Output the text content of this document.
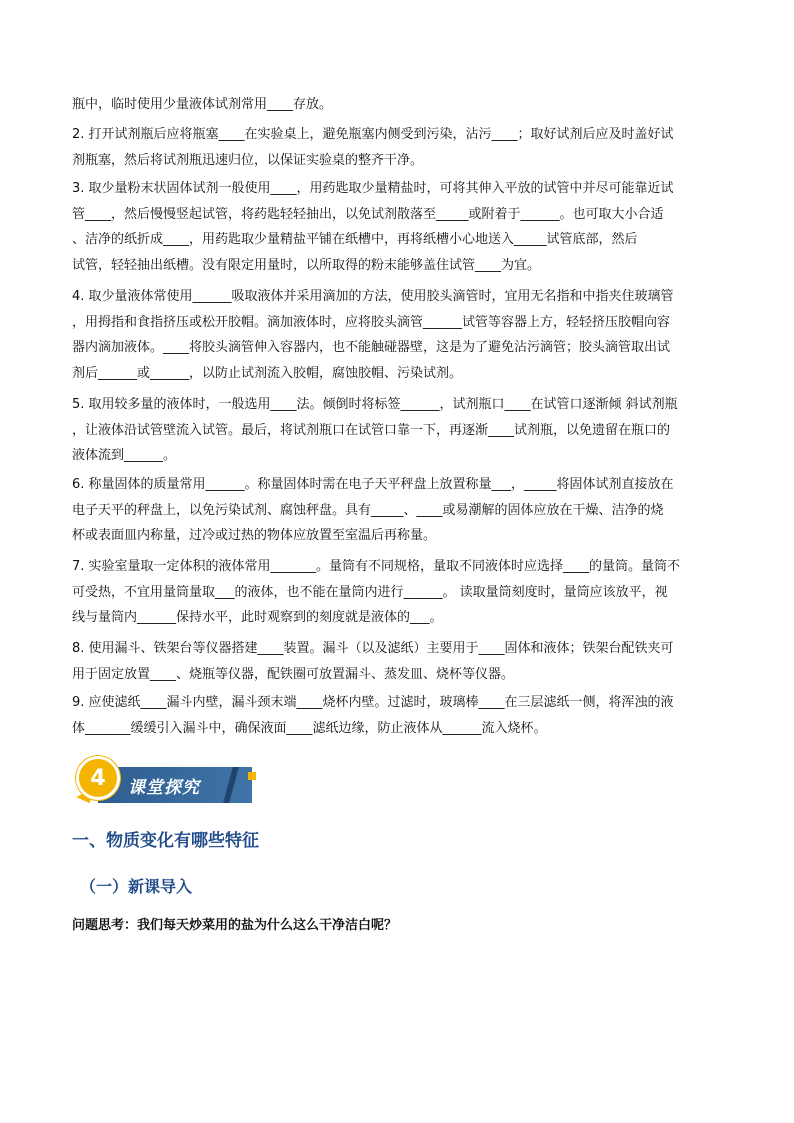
瓶中，临时使用少量液体试剂常用____存放。
2. 打开试剂瓶后应将瓶塞____在实验桌上，避免瓶塞内侧受到污染，沾污____；取好试剂后应及时盖好试
剂瓶塞，然后将试剂瓶迅速归位，以保证实验桌的整齐干净。
3. 取少量粉末状固体试剂一般使用____，用药匙取少量精盐时，可将其伸入平放的试管中并尽可能靠近试
管____，然后慢慢竖起试管，将药匙轻轻抽出，以免试剂散落至_____或附着于______。也可取大小合适
、洁净的纸折成____，用药匙取少量精盐平铺在纸槽中，再将纸槽小心地送入_____试管底部，然后
试管，轻轻抽出纸槽。没有限定用量时，以所取得的粉末能够盖住试管____为宜。
4. 取少量液体常使用______吸取液体并采用滴加的方法，使用胶头滴管时，宜用无名指和中指夹住玻璃管
，用拇指和食指挤压或松开胶帽。滴加液体时，应将胶头滴管______试管等容器上方，轻轻挤压胶帽向容
器内滴加液体。____将胶头滴管伸入容器内，也不能触碰器壁，这是为了避免沾污滴管；胶头滴管取出试
剂后______或______，以防止试剂流入胶帽，腐蚀胶帽、污染试剂。
5. 取用较多量的液体时，一般选用____法。倾倒时将标签______，试剂瓶口____在试管口逐渐倾 斜试剂瓶
，让液体沿试管壁流入试管。最后，将试剂瓶口在试管口靠一下，再逐渐____试剂瓶，以免遗留在瓶口的
液体流到______。
6. 称量固体的质量常用______。称量固体时需在电子天平秤盘上放置称量___，_____将固体试剂直接放在
电子天平的秤盘上，以免污染试剂、腐蚀秤盘。具有_____、____或易潮解的固体应放在干燥、洁净的烧
杯或表面皿内称量，过冷或过热的物体应放置至室温后再称量。
7. 实验室量取一定体积的液体常用_______。量筒有不同规格，量取不同液体时应选择____的量筒。量筒不
可受热，不宜用量筒量取___的液体，也不能在量筒内进行______。 读取量筒刻度时，量筒应该放平，视
线与量筒内______保持水平，此时观察到的刻度就是液体的___。
8. 使用漏斗、铁架台等仪器搭建____装置。漏斗（以及滤纸）主要用于____固体和液体；铁架台配铁夹可
用于固定放置____、烧瓶等仪器，配铁圈可放置漏斗、蒸发皿、烧杯等仪器。
9. 应使滤纸____漏斗内壁，漏斗颈末端____烧杯内壁。过滤时，玻璃棒____在三层滤纸一侧，将浑浊的液
体_______缓缓引入漏斗中，确保液面____滤纸边缘，防止液体从______流入烧杯。
4	课堂探究
一、物质变化有哪些特征
（一）新课导入
问题思考：我们每天炒菜用的盐为什么这么干净洁白呢？
